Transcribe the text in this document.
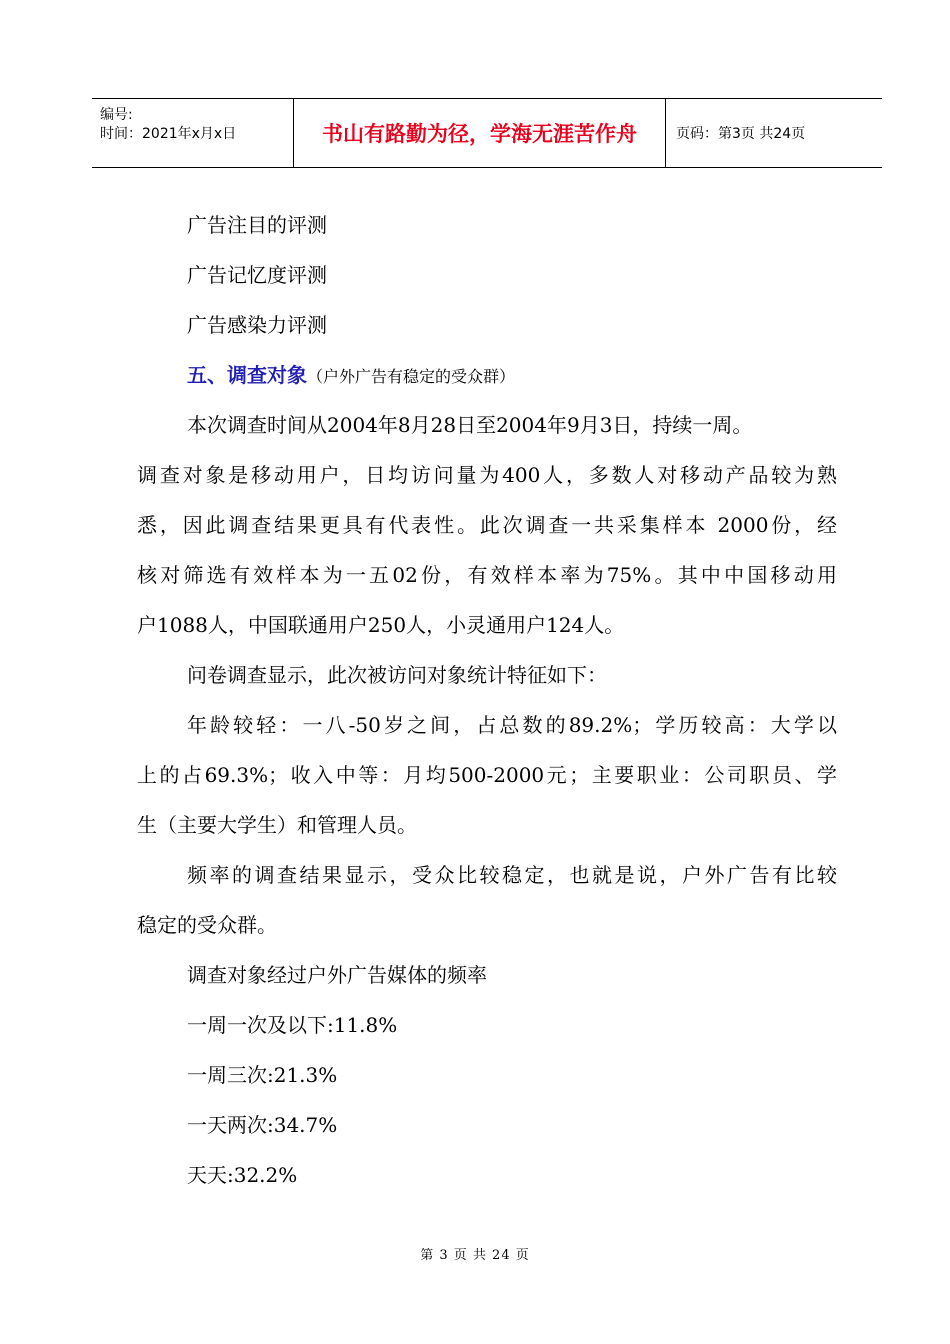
编号:
时间：2021年x月x日	书山有路勤为径，学海无涯苦作舟	页码：第3页 共24页
广告注目的评测
广告记忆度评测
广告感染力评测
五、调查对象（户外广告有稳定的受众群）
本次调查时间从2004年8月28日至2004年9月3日，持续一周。
调查对象是移动用户，日均访问量为400人，多数人对移动产品较为熟
悉，因此调查结果更具有代表性。此次调查一共采集样本 2000份，经
核对筛选有效样本为一五02份，有效样本率为75%。其中中国移动用
户1088人，中国联通用户250人，小灵通用户124人。
问卷调查显示，此次被访问对象统计特征如下：
年龄较轻：一八-50岁之间，占总数的89.2%；学历较高：大学以
上的占69.3%；收入中等：月均500-2000元；主要职业：公司职员、学
生（主要大学生）和管理人员。
频率的调查结果显示，受众比较稳定，也就是说，户外广告有比较
稳定的受众群。
调查对象经过户外广告媒体的频率
一周一次及以下:11.8%
一周三次:21.3%
一天两次:34.7%
天天:32.2%
第 3 页 共 24 页
